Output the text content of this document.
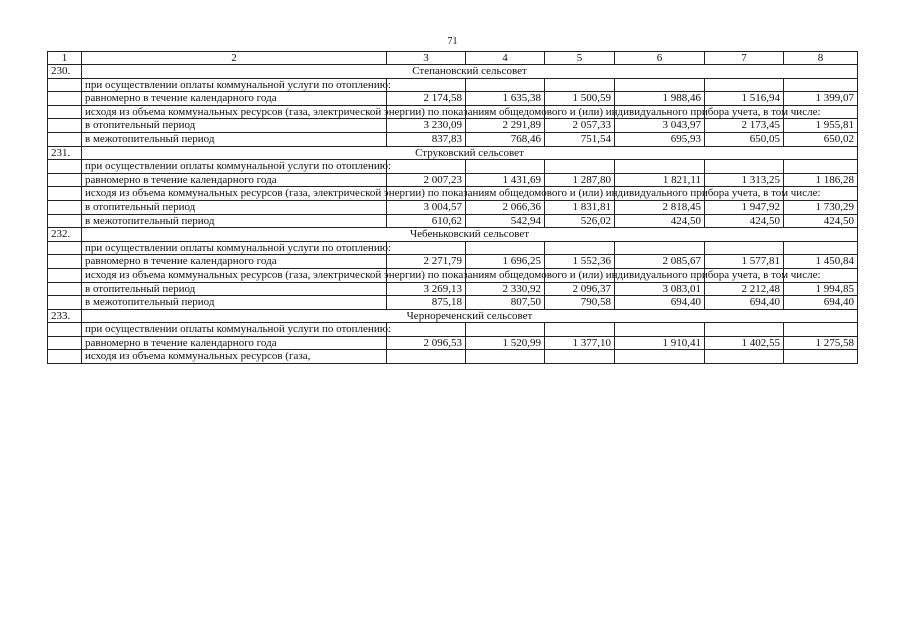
71
1	2	3	4	5	6	7	8
230.	Степановский сельсовет						
	при осуществлении оплаты коммунальной услуги по отоплению:						
	равномерно в течение календарного года	2 174,58	1 635,38	1 500,59	1 988,46	1 516,94	1 399,07
	исходя из объема коммунальных ресурсов (газа, электрической энергии) по показаниям общедомового и (или) индивидуального прибора учета, в том числе:						
	в отопительный период	3 230,09	2 291,89	2 057,33	3 043,97	2 173,45	1 955,81
	в межотопительный период	837,83	768,46	751,54	695,93	650,05	650,02
231.	Струковский сельсовет						
	при осуществлении оплаты коммунальной услуги по отоплению:						
	равномерно в течение календарного года	2 007,23	1 431,69	1 287,80	1 821,11	1 313,25	1 186,28
	исходя из объема коммунальных ресурсов (газа, электрической энергии) по показаниям общедомового и (или) индивидуального прибора учета, в том числе:						
	в отопительный период	3 004,57	2 066,36	1 831,81	2 818,45	1 947,92	1 730,29
	в межотопительный период	610,62	542,94	526,02	424,50	424,50	424,50
232.	Чебеньковский сельсовет						
	при осуществлении оплаты коммунальной услуги по отоплению:						
	равномерно в течение календарного года	2 271,79	1 696,25	1 552,36	2 085,67	1 577,81	1 450,84
	исходя из объема коммунальных ресурсов (газа, электрической энергии) по показаниям общедомового и (или) индивидуального прибора учета, в том числе:						
	в отопительный период	3 269,13	2 330,92	2 096,37	3 083,01	2 212,48	1 994,85
	в межотопительный период	875,18	807,50	790,58	694,40	694,40	694,40
233.	Чернореченский сельсовет						
	при осуществлении оплаты коммунальной услуги по отоплению:						
	равномерно в течение календарного года	2 096,53	1 520,99	1 377,10	1 910,41	1 402,55	1 275,58
	исходя из объема коммунальных ресурсов (газа,						
